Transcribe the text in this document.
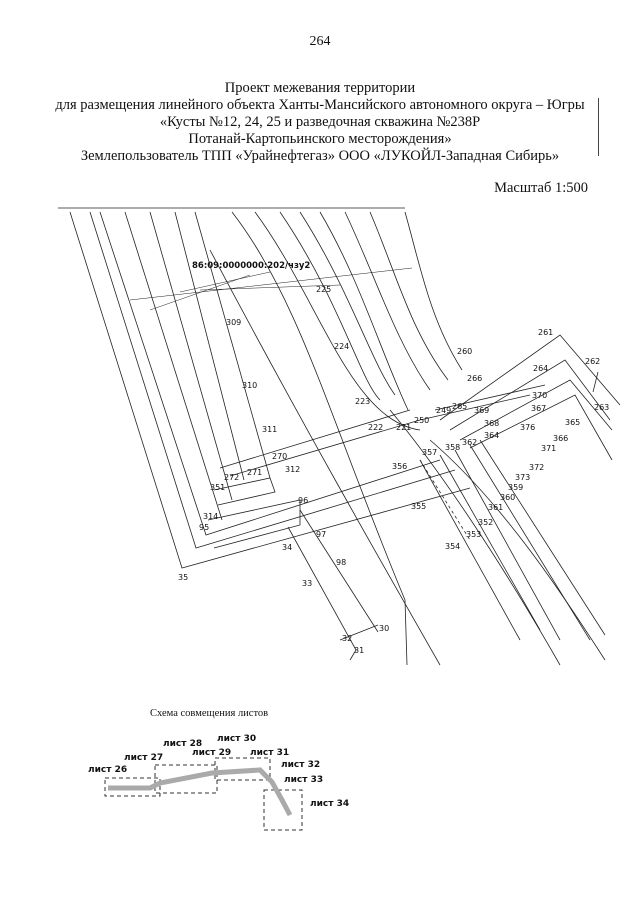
264
Проект межевания территории
для размещения линейного объекта Ханты-Мансийского автономного округа – Югры
«Кусты №12, 24, 25 и разведочная скважина №238Р
Потанай-Картопьинского месторождения»
Землепользователь ТПП «Урайнефтегаз» ООО «ЛУКОЙЛ-Западная Сибирь»
Масштаб 1:500
86:09:0000000:202/чзу2
225
309
310
311
270
271
272
312
351
314
95
96
97
98
34
35
33
32
31
30
224
223
222 221
250
249 265
266
260
261
264
262
263
370
367
369
368	365
366
364
376
371
362
358
357
356	372
373
359
360
361
355
352
353
354
Схема совмещения листов
лист 26
лист 27
лист 28
лист 29
лист 30
лист 31
лист 32
лист 33
лист 34
